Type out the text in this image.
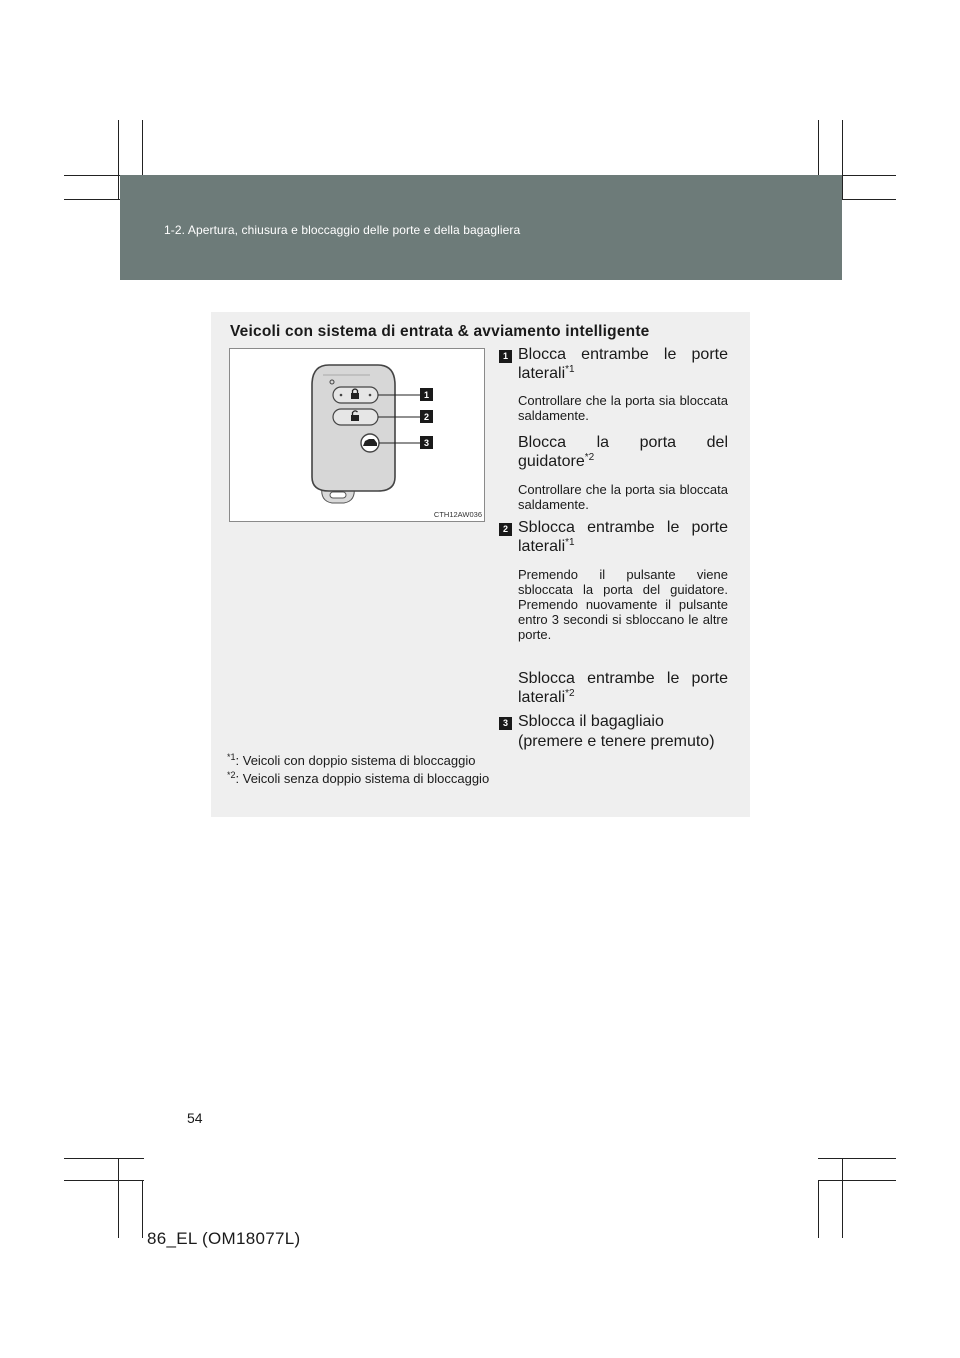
1-2. Apertura, chiusura e bloccaggio delle porte e della bagagliera
Veicoli con sistema di entrata & avviamento intelligente
1
2
3
CTH12AW036
1 Blocca entrambe le porte laterali$^{*1}$
Controllare che la porta sia bloccata saldamente.
Blocca la porta del guidatore$^{*2}$
Controllare che la porta sia bloccata saldamente.
2 Sblocca entrambe le porte laterali$^{*1}$
Premendo il pulsante viene sbloccata la porta del guidatore. Premendo nuovamente il pulsante entro 3 secondi si sbloccano le altre porte.
Sblocca entrambe le porte laterali$^{*2}$
3 Sblocca il bagagliaio
(premere e tenere premuto)
$^{*1}$: Veicoli con doppio sistema di bloccaggio
$^{*2}$: Veicoli senza doppio sistema di bloccaggio
54
86_EL (OM18077L)
